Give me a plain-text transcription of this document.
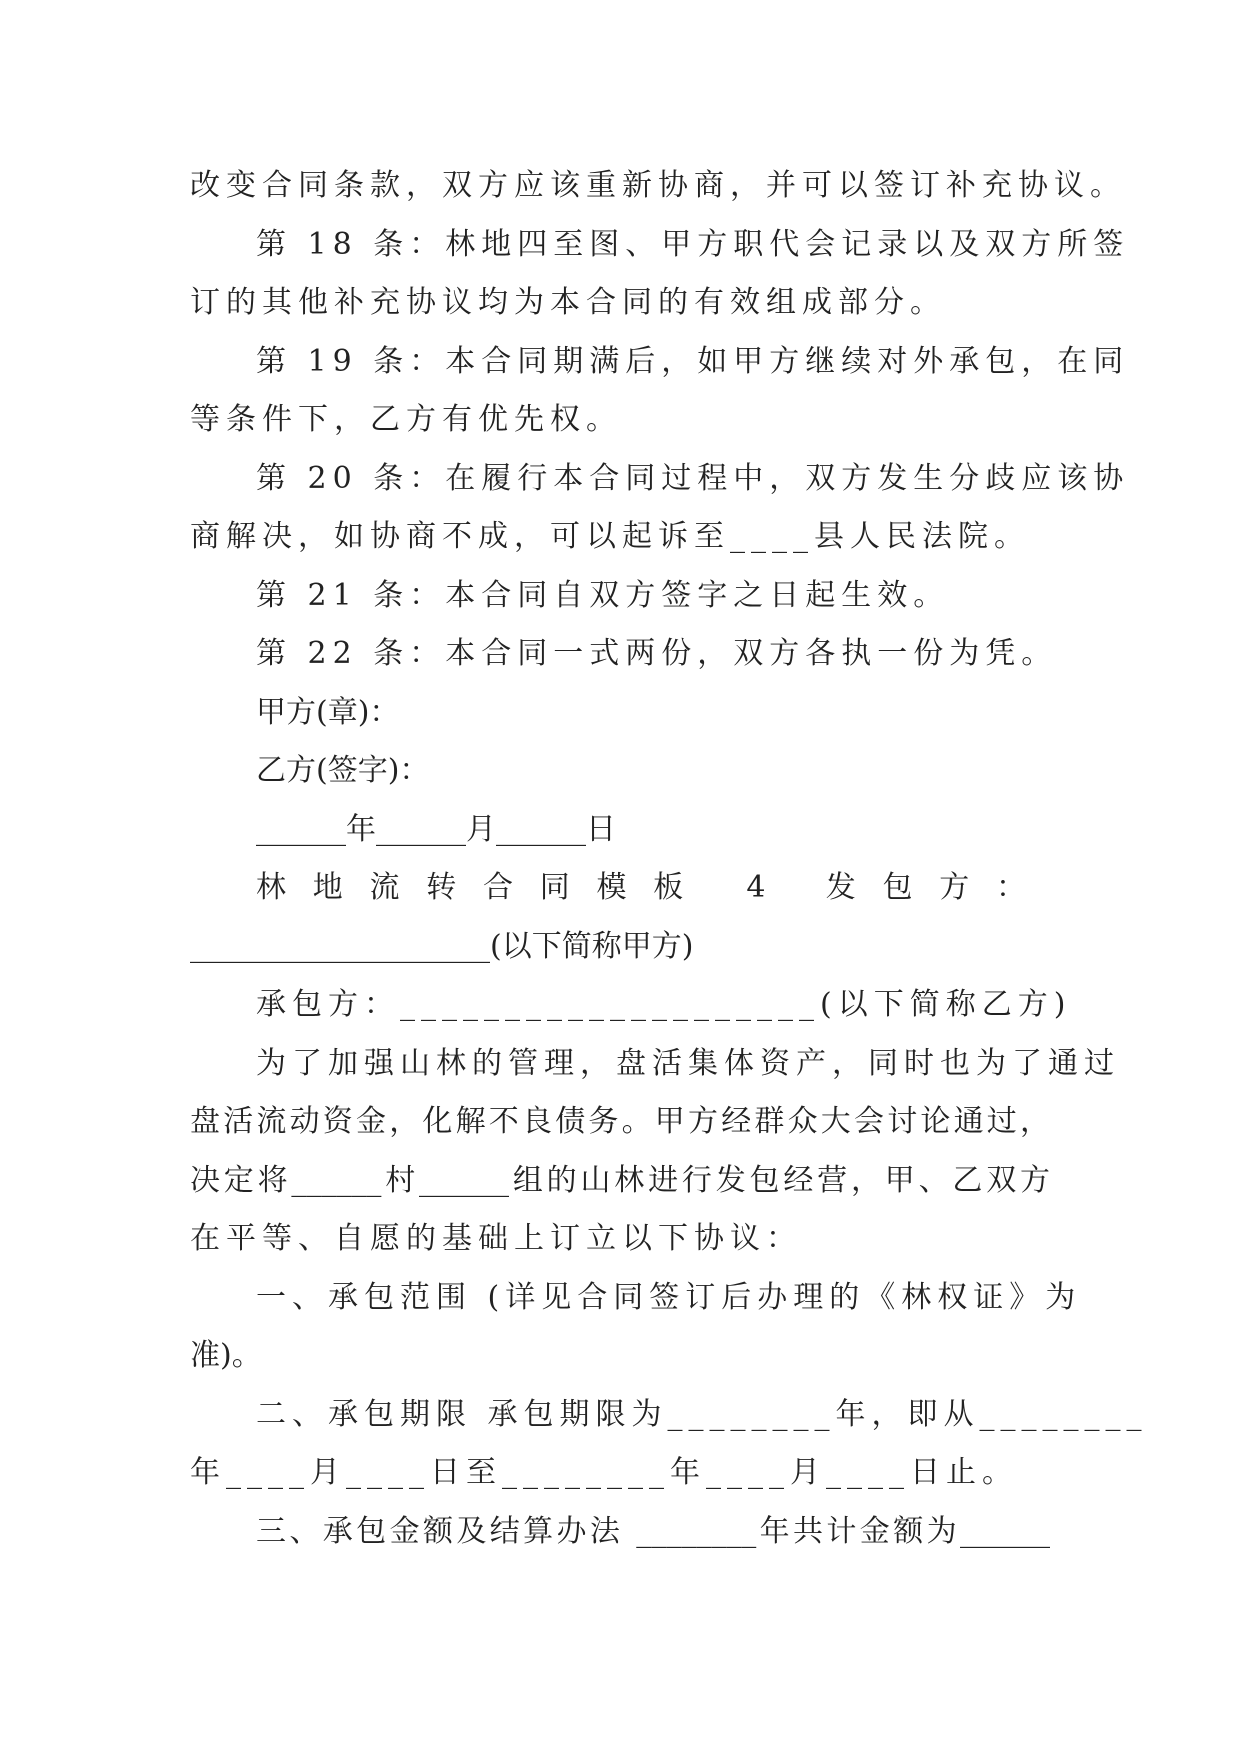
改变合同条款，双方应该重新协商，并可以签订补充协议。
第 18 条：林地四至图、甲方职代会记录以及双方所签
订的其他补充协议均为本合同的有效组成部分。
第 19 条：本合同期满后，如甲方继续对外承包，在同
等条件下，乙方有优先权。
第 20 条：在履行本合同过程中，双方发生分歧应该协
商解决，如协商不成，可以起诉至____县人民法院。
第 21 条：本合同自双方签字之日起生效。
第 22 条：本合同一式两份，双方各执一份为凭。
甲方(章)：
乙方(签字)：
______年______月______日
林地流转合同模板 4 发包方：
____________________(以下简称甲方)
承包方：____________________(以下简称乙方)
为了加强山林的管理，盘活集体资产，同时也为了通过
盘活流动资金，化解不良债务。甲方经群众大会讨论通过，
决定将______村______组的山林进行发包经营，甲、乙双方
在平等、自愿的基础上订立以下协议：
一、承包范围 (详见合同签订后办理的《林权证》为
准)。
二、承包期限 承包期限为________年，即从________
年____月____日至________年____月____日止。
三、承包金额及结算办法 ________年共计金额为______
